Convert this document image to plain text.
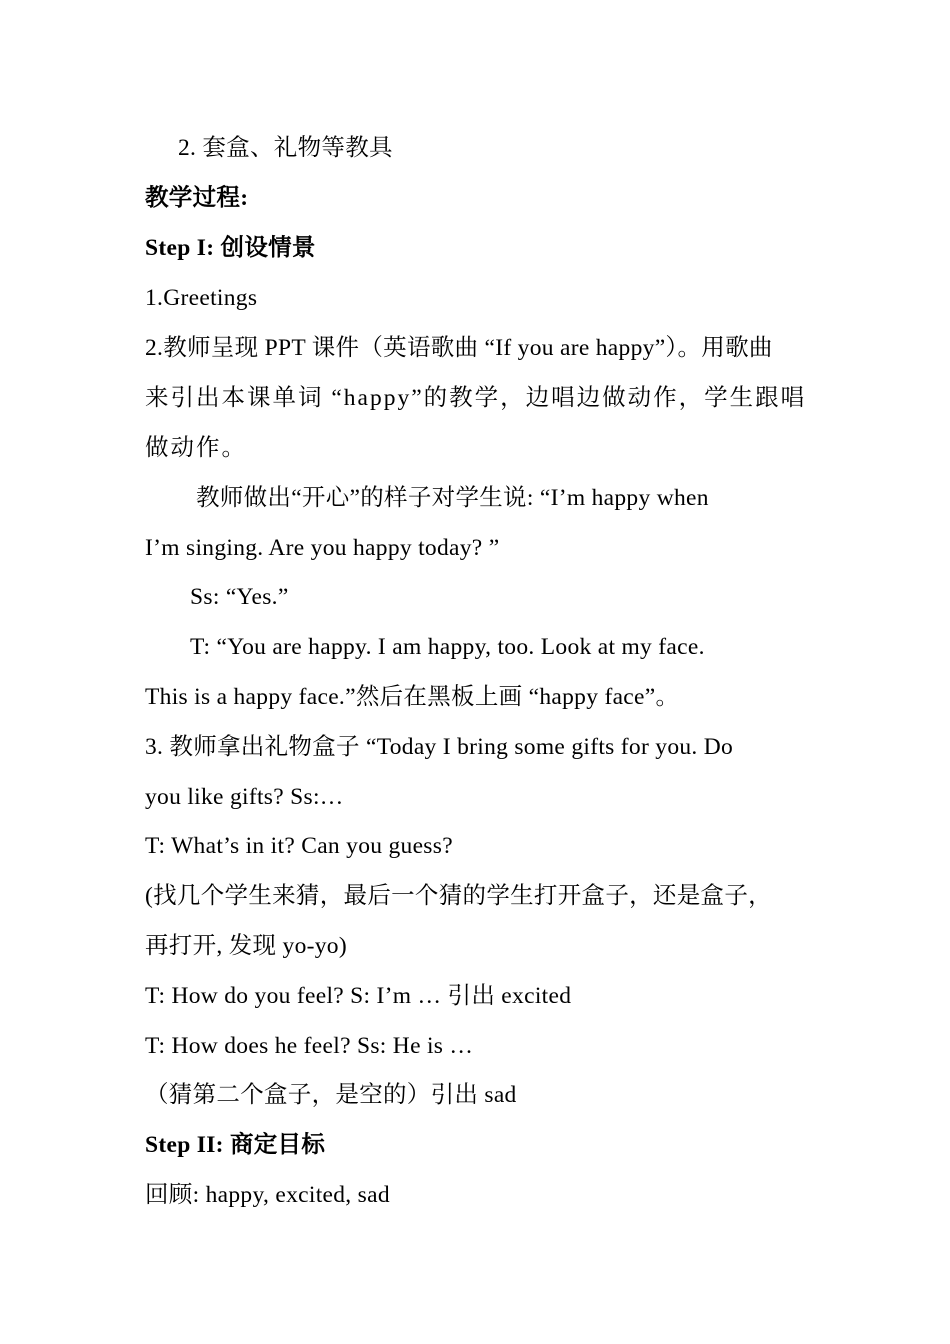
2. 套盒、礼物等教具
教学过程:
Step I: 创设情景
1.Greetings
2.教师呈现 PPT 课件（英语歌曲 “If you are happy”）。用歌曲
来引出本课单词 “happy”的教学，边唱边做动作，学生跟唱
做动作。
教师做出“开心”的样子对学生说: “I’m happy when
I’m singing. Are you happy today? ”
Ss: “Yes.”
T: “You are happy. I am happy, too. Look at my face.
This is a happy face.”然后在黑板上画 “happy face”。
3. 教师拿出礼物盒子 “Today I bring some gifts for you. Do
you like gifts? Ss:…
T: What’s in it? Can you guess?
(找几个学生来猜，最后一个猜的学生打开盒子，还是盒子，
再打开, 发现 yo-yo)
T: How do you feel? S: I’m … 引出 excited
T: How does he feel? Ss: He is …
（猜第二个盒子，是空的）引出 sad
Step II: 商定目标
回顾: happy, excited, sad
